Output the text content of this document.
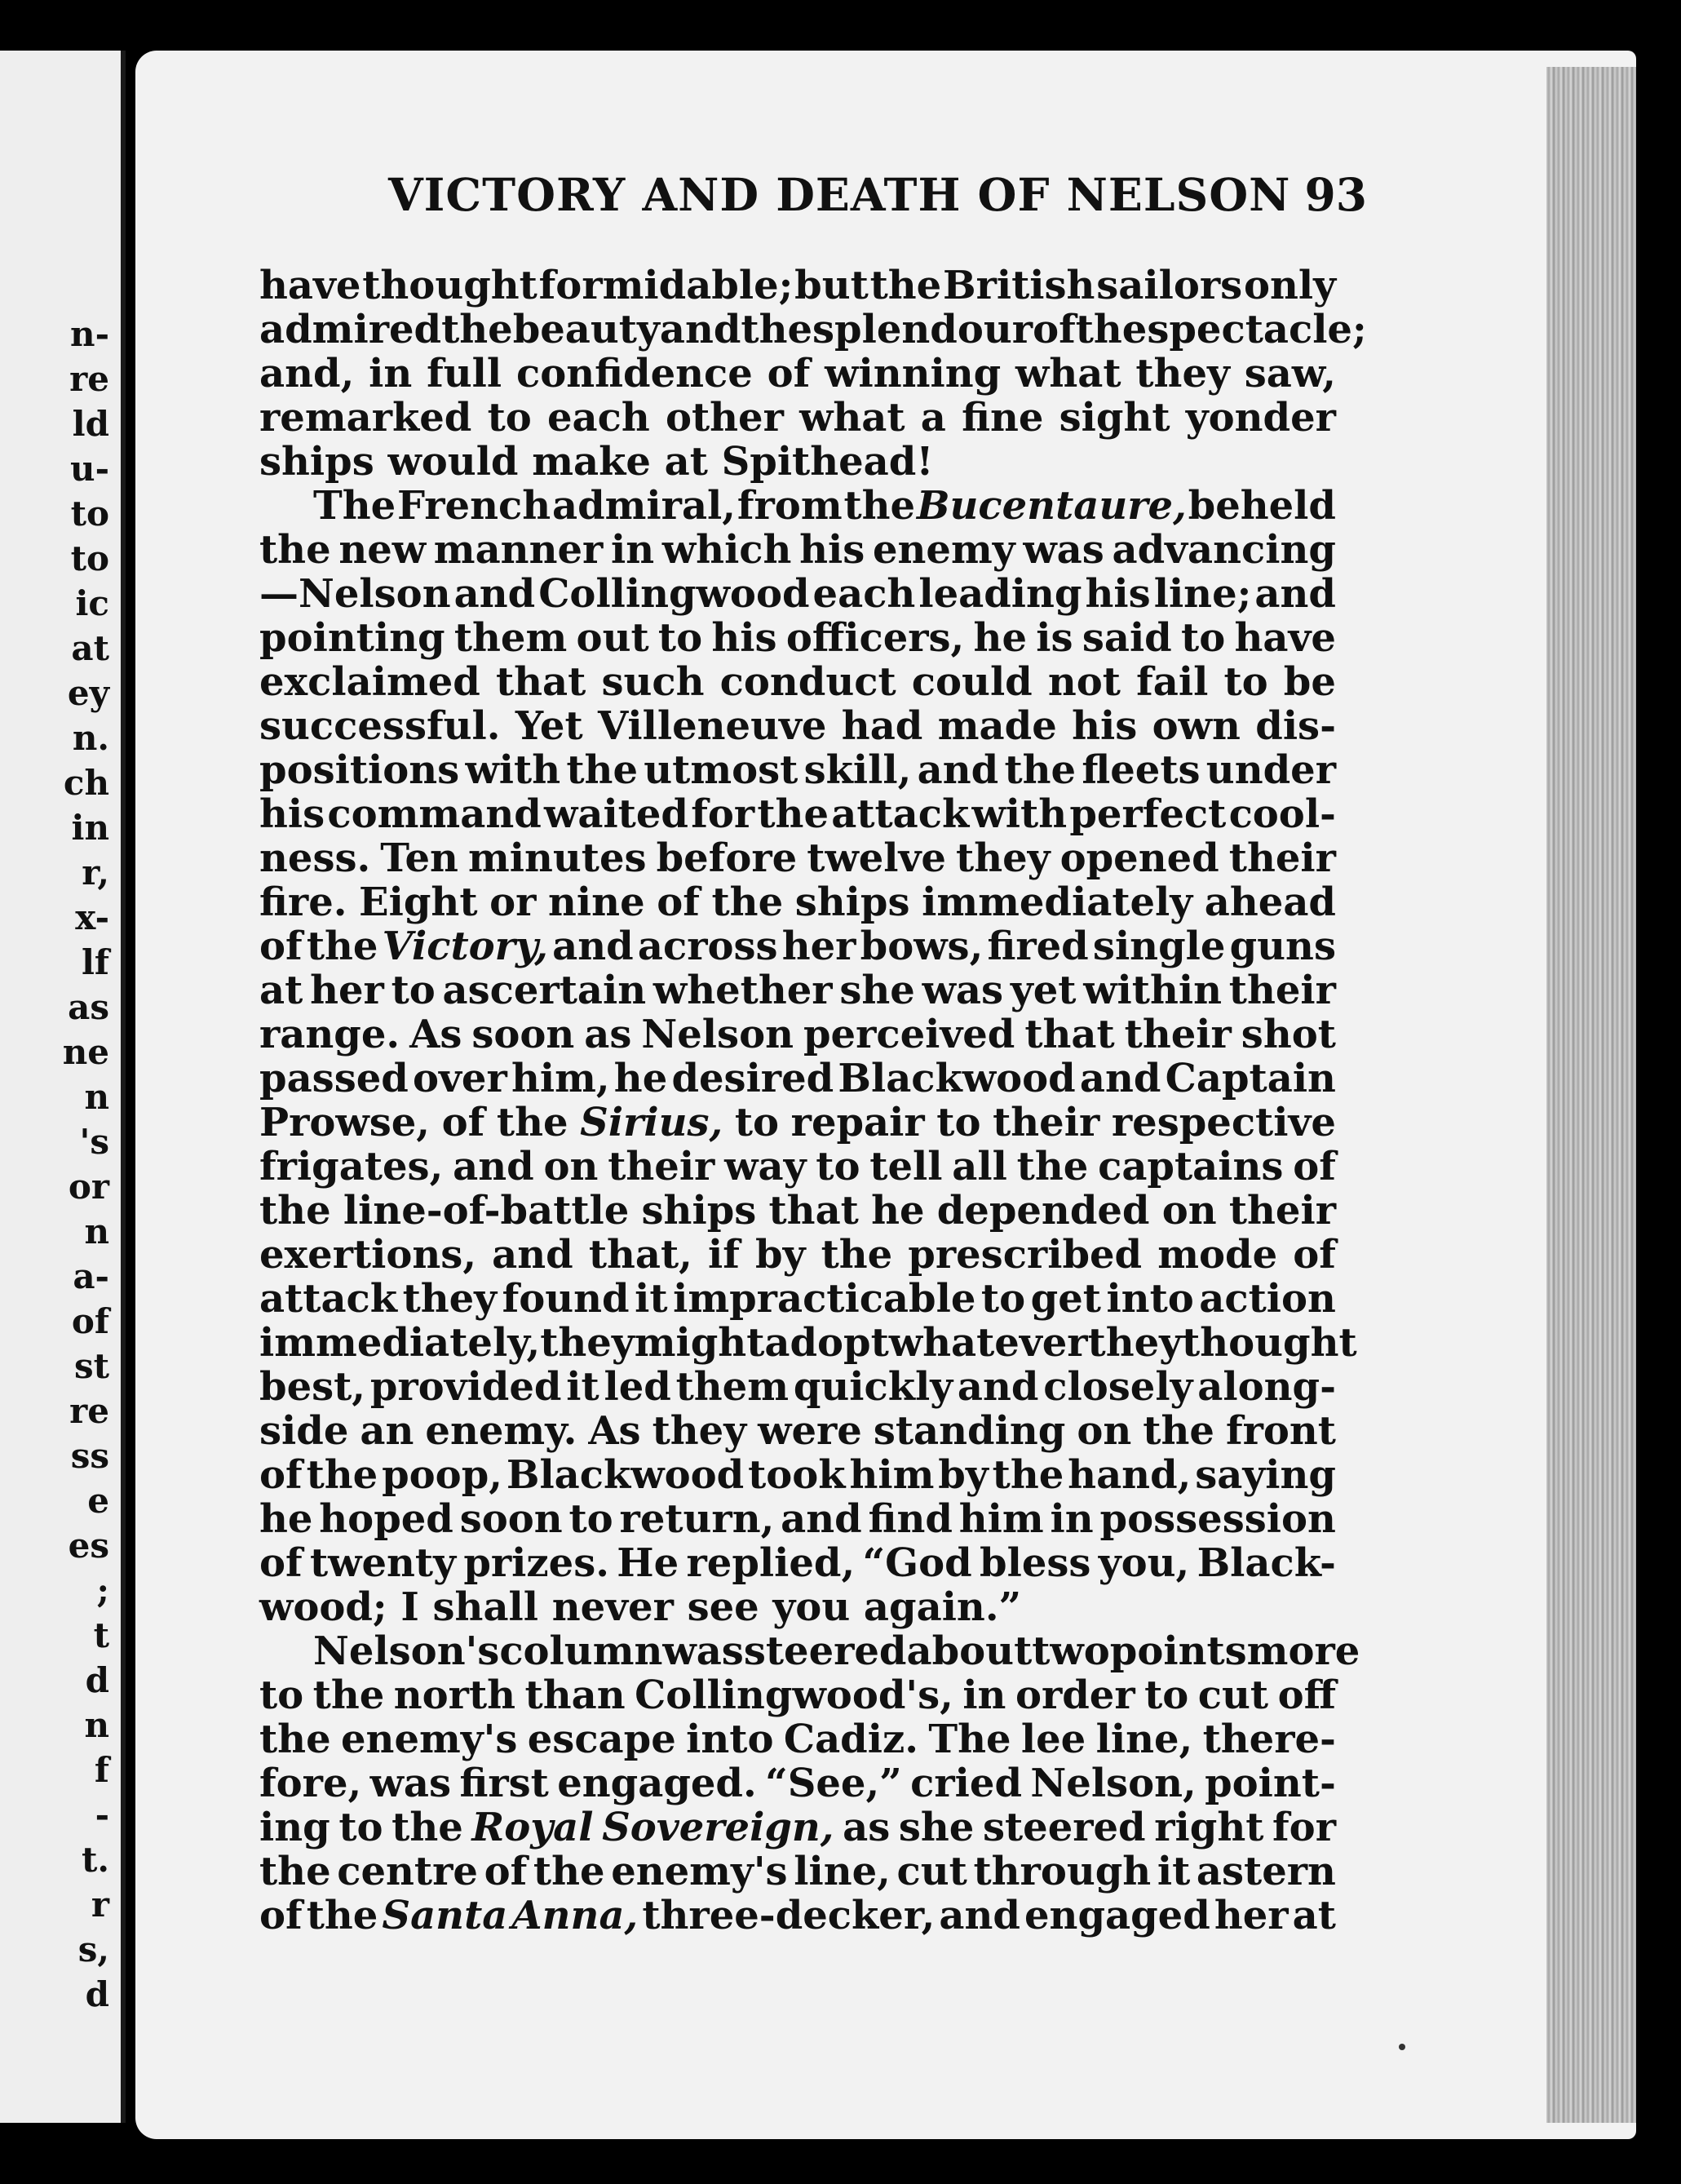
n-
re
ld
u-
to
to
ic
at
ey
n.
ch
in
r,
x-
lf
as
ne
n
's
or
n
a-
of
st
re
ss
e
es
;
t
d
n
f
-
t.
r
s,
d
VICTORY AND DEATH OF NELSON 93
have thought formidable; but the British sailors only
admired the beauty and the splendour of the spectacle;
and, in full confidence of winning what they saw,
remarked to each other what a fine sight yonder
ships would make at Spithead!
The French admiral, from the Bucentaure, beheld
the new manner in which his enemy was advancing
—Nelson and Collingwood each leading his line; and
pointing them out to his officers, he is said to have
exclaimed that such conduct could not fail to be
successful. Yet Villeneuve had made his own dis-
positions with the utmost skill, and the fleets under
his command waited for the attack with perfect cool-
ness. Ten minutes before twelve they opened their
fire. Eight or nine of the ships immediately ahead
of the Victory, and across her bows, fired single guns
at her to ascertain whether she was yet within their
range. As soon as Nelson perceived that their shot
passed over him, he desired Blackwood and Captain
Prowse, of the Sirius, to repair to their respective
frigates, and on their way to tell all the captains of
the line-of-battle ships that he depended on their
exertions, and that, if by the prescribed mode of
attack they found it impracticable to get into action
immediately, they might adopt whatever they thought
best, provided it led them quickly and closely along-
side an enemy. As they were standing on the front
of the poop, Blackwood took him by the hand, saying
he hoped soon to return, and find him in possession
of twenty prizes. He replied, “God bless you, Black-
wood; I shall never see you again.”
Nelson's column was steered about two points more
to the north than Collingwood's, in order to cut off
the enemy's escape into Cadiz. The lee line, there-
fore, was first engaged. “See,” cried Nelson, point-
ing to the Royal Sovereign, as she steered right for
the centre of the enemy's line, cut through it astern
of the Santa Anna, three-decker, and engaged her at
